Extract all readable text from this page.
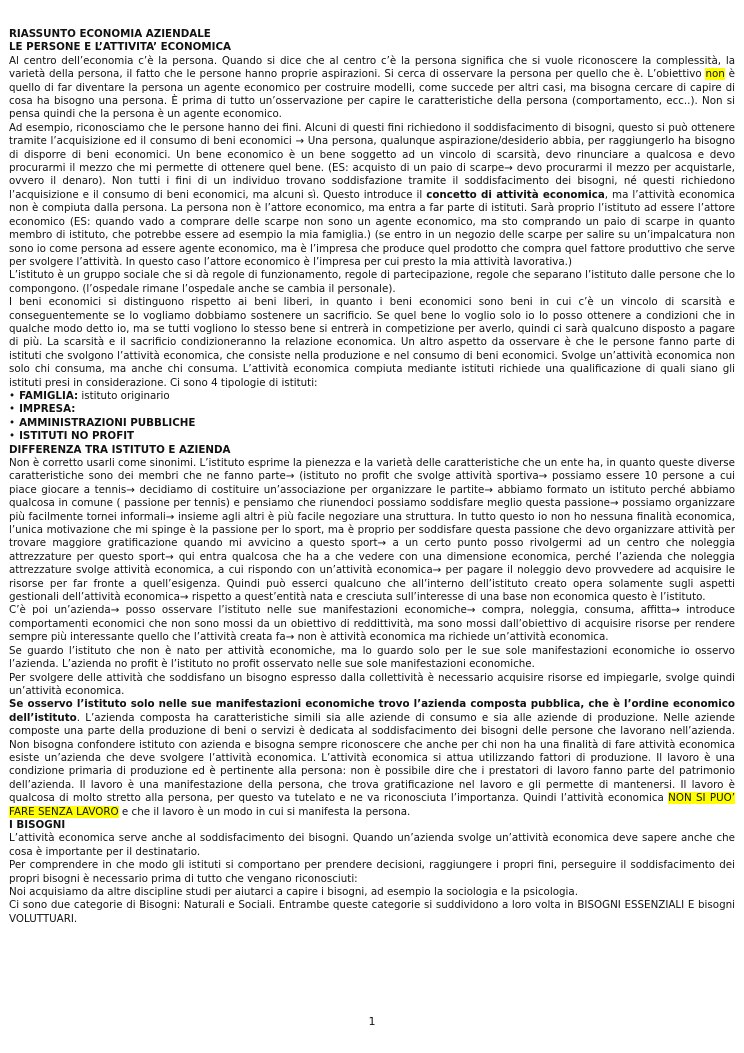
RIASSUNTO ECONOMIA AZIENDALE

LE PERSONE E L’ATTIVITA’ ECONOMICA

Al centro dell’economia c’è la persona. Quando si dice che al centro c’è la persona significa che si vuole riconoscere la complessità, la varietà della persona, il fatto che le persone hanno proprie aspirazioni. Si cerca di osservare la persona per quello che è. L’obiettivo non è quello di far diventare la persona un agente economico per costruire modelli, come succede per altri casi, ma bisogna cercare di capire di cosa ha bisogno una persona. È prima di tutto un’osservazione per capire le caratteristiche della persona (comportamento, ecc..). Non si pensa quindi che la persona è un agente economico.

Ad esempio, riconosciamo che le persone hanno dei fini. Alcuni di questi fini richiedono il soddisfacimento di bisogni, questo si può ottenere tramite l’acquisizione ed il consumo di beni economici → Una persona, qualunque aspirazione/desiderio abbia, per raggiungerlo ha bisogno di disporre di beni economici. Un bene economico è un bene soggetto ad un vincolo di scarsità, devo rinunciare a qualcosa e devo procurarmi il mezzo che mi permette di ottenere quel bene. (ES: acquisto di un paio di scarpe→ devo procurarmi il mezzo per acquistarle, ovvero il denaro). Non tutti i fini di un individuo trovano soddisfazione tramite il soddisfacimento dei bisogni, né questi richiedono l’acquisizione e il consumo di beni economici, ma alcuni sì. Questo introduce il concetto di attività economica, ma l’attività economica non è compiuta dalla persona. La persona non è l’attore economico, ma entra a far parte di istituti. Sarà proprio l’istituto ad essere l’attore economico (ES: quando vado a comprare delle scarpe non sono un agente economico, ma sto comprando un paio di scarpe in quanto membro di istituto, che potrebbe essere ad esempio la mia famiglia.) (se entro in un negozio delle scarpe per salire su un’impalcatura non sono io come persona ad essere agente economico, ma è l’impresa che produce quel prodotto che compra quel fattore produttivo che serve per svolgere l’attività. In questo caso l’attore economico è l’impresa per cui presto la mia attività lavorativa.)

L’istituto è un gruppo sociale che si dà regole di funzionamento, regole di partecipazione, regole che separano l’istituto dalle persone che lo compongono. (l’ospedale rimane l’ospedale anche se cambia il personale).

I beni economici si distinguono rispetto ai beni liberi, in quanto i beni economici sono beni in cui c’è un vincolo di scarsità e conseguentemente se lo vogliamo dobbiamo sostenere un sacrificio. Se quel bene lo voglio solo io lo posso ottenere a condizioni che in qualche modo detto io, ma se tutti vogliono lo stesso bene si entrerà in competizione per averlo, quindi ci sarà qualcuno disposto a pagare di più. La scarsità e il sacrificio condizioneranno la relazione economica. Un altro aspetto da osservare è che le persone fanno parte di istituti che svolgono l’attività economica, che consiste nella produzione e nel consumo di beni economici. Svolge un’attività economica non solo chi consuma, ma anche chi consuma. L’attività economica compiuta mediante istituti richiede una qualificazione di quali siano gli istituti presi in considerazione. Ci sono 4 tipologie di istituti:

• FAMIGLIA: istituto originario
• IMPRESA:
• AMMINISTRAZIONI PUBBLICHE
• ISTITUTI NO PROFIT

DIFFERENZA TRA ISTITUTO E AZIENDA

Non è corretto usarli come sinonimi. L’istituto esprime la pienezza e la varietà delle caratteristiche che un ente ha, in quanto queste diverse caratteristiche sono dei membri che ne fanno parte→ (istituto no profit che svolge attività sportiva→ possiamo essere 10 persone a cui piace giocare a tennis→ decidiamo di costituire un’associazione per organizzare le partite→ abbiamo formato un istituto perché abbiamo qualcosa in comune ( passione per tennis) e pensiamo che riunendoci possiamo soddisfare meglio questa passione→ possiamo organizzare più facilmente tornei informali→ insieme agli altri è più facile negoziare una struttura. In tutto questo io non ho nessuna finalità economica, l’unica motivazione che mi spinge è la passione per lo sport, ma è proprio per soddisfare questa passione che devo organizzare attività per trovare maggiore gratificazione quando mi avvicino a questo sport→ a un certo punto posso rivolgermi ad un centro che noleggia attrezzature per questo sport→ qui entra qualcosa che ha a che vedere con una dimensione economica, perché l’azienda che noleggia attrezzature svolge attività economica, a cui rispondo con un’attività economica→ per pagare il noleggio devo provvedere ad acquisire le risorse per far fronte a quell’esigenza. Quindi può esserci qualcuno che all’interno dell’istituto creato opera solamente sugli aspetti gestionali dell’attività economica→ rispetto a quest’entità nata e cresciuta sull’interesse di una base non economica questo è l’istituto.

C’è poi un’azienda→ posso osservare l’istituto nelle sue manifestazioni economiche→ compra, noleggia, consuma, affitta→ introduce comportamenti economici che non sono mossi da un obiettivo di reddittività, ma sono mossi dall’obiettivo di acquisire risorse per rendere sempre più interessante quello che l’attività creata fa→ non è attività economica ma richiede un’attività economica.

Se guardo l’istituto che non è nato per attività economiche, ma lo guardo solo per le sue sole manifestazioni economiche io osservo l’azienda. L’azienda no profit è l’istituto no profit osservato nelle sue sole manifestazioni economiche.

Per svolgere delle attività che soddisfano un bisogno espresso dalla collettività è necessario acquisire risorse ed impiegarle, svolge quindi un’attività economica.

Se osservo l’istituto solo nelle sue manifestazioni economiche trovo l’azienda composta pubblica, che è l’ordine economico dell’istituto. L’azienda composta ha caratteristiche simili sia alle aziende di consumo e sia alle aziende di produzione. Nelle aziende composte una parte della produzione di beni o servizi è dedicata al soddisfacimento dei bisogni delle persone che lavorano nell’azienda. Non bisogna confondere istituto con azienda e bisogna sempre riconoscere che anche per chi non ha una finalità di fare attività economica esiste un’azienda che deve svolgere l’attività economica. L’attività economica si attua utilizzando fattori di produzione. Il lavoro è una condizione primaria di produzione ed è pertinente alla persona: non è possibile dire che i prestatori di lavoro fanno parte del patrimonio dell’azienda. Il lavoro è una manifestazione della persona, che trova gratificazione nel lavoro e gli permette di mantenersi. Il lavoro è qualcosa di molto stretto alla persona, per questo va tutelato e ne va riconosciuta l’importanza. Quindi l’attività economica NON SI PUO’ FARE SENZA LAVORO e che il lavoro è un modo in cui si manifesta la persona.

I BISOGNI

L’attività economica serve anche al soddisfacimento dei bisogni. Quando un’azienda svolge un’attività economica deve sapere anche che cosa è importante per il destinatario.

Per comprendere in che modo gli istituti si comportano per prendere decisioni, raggiungere i propri fini, perseguire il soddisfacimento dei propri bisogni è necessario prima di tutto che vengano riconosciuti:

Noi acquisiamo da altre discipline studi per aiutarci a capire i bisogni, ad esempio la sociologia e la psicologia.

Ci sono due categorie di Bisogni: Naturali e Sociali. Entrambe queste categorie si suddividono a loro volta in BISOGNI ESSENZIALI E bisogni VOLUTTUARI.

1
